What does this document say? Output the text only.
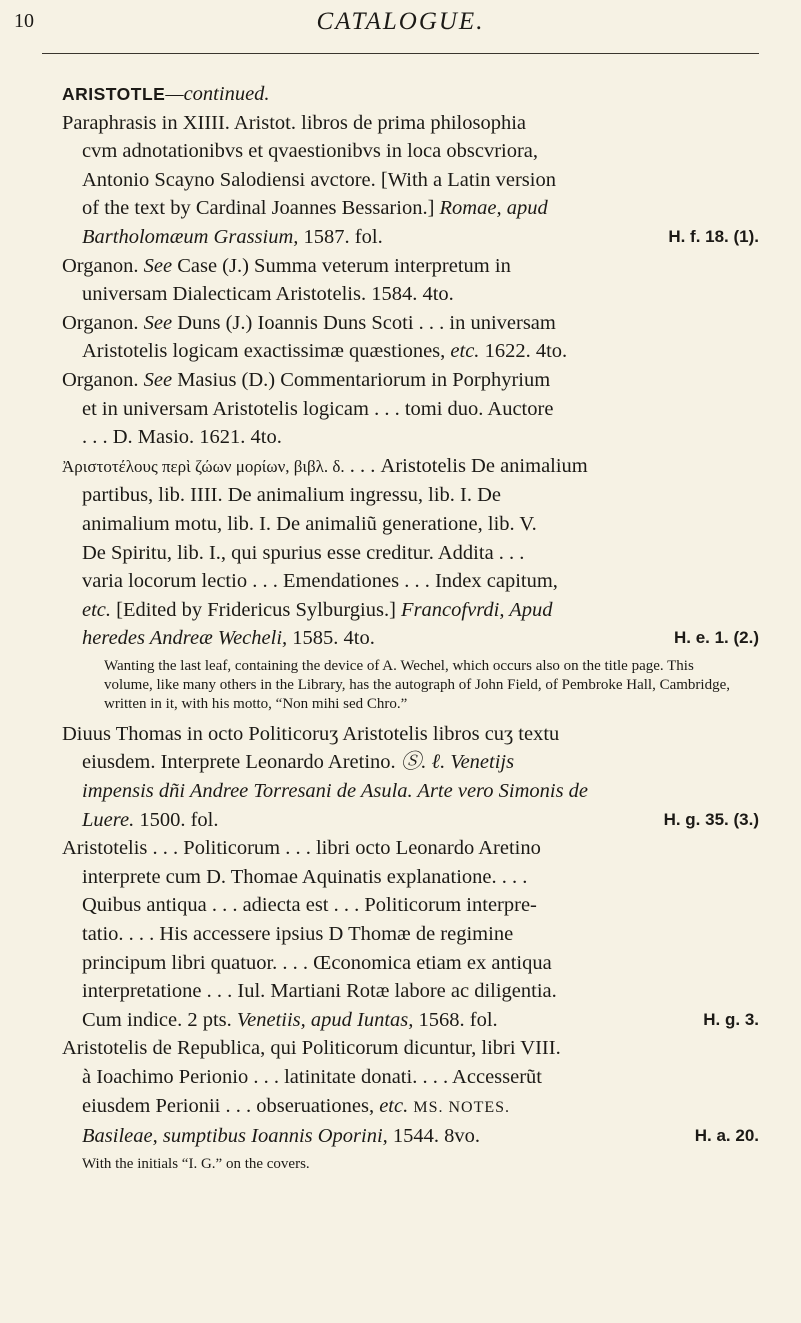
10	CATALOGUE.
ARISTOTLE—continued.
Paraphrasis in XIIII. Aristot. libros de prima philosophia
cvm adnotationibvs et qvaestionibvs in loca obscvriora,
Antonio Scayno Salodiensi avctore. [With a Latin version
of the text by Cardinal Joannes Bessarion.] Romae, apud
Bartholomæum Grassium, 1587. fol.	H. f. 18. (1).
Organon. See Case (J.) Summa veterum interpretum in
universam Dialecticam Aristotelis. 1584. 4to.
Organon. See Duns (J.) Ioannis Duns Scoti . . . in universam
Aristotelis logicam exactissimæ quæstiones, etc. 1622. 4to.
Organon. See Masius (D.) Commentariorum in Porphyrium
et in universam Aristotelis logicam . . . tomi duo. Auctore
. . . D. Masio. 1621. 4to.
Ἀριστοτέλους περὶ ζώων μορίων, βιβλ. δ. . . . Aristotelis De animalium
partibus, lib. IIII. De animalium ingressu, lib. I. De
animalium motu, lib. I. De animaliũ generatione, lib. V.
De Spiritu, lib. I., qui spurius esse creditur. Addita . . .
varia locorum lectio . . . Emendationes . . . Index capitum,
etc. [Edited by Fridericus Sylburgius.] Francofvrdi, Apud
heredes Andreæ Wecheli, 1585. 4to.	H. e. 1. (2.)
Wanting the last leaf, containing the device of A. Wechel, which occurs also on the title page. This volume, like many others in the Library, has the autograph of John Field, of Pembroke Hall, Cambridge, written in it, with his motto, “Non mihi sed Chro.”
Diuus Thomas in octo Politicoruʒ Aristotelis libros cuʒ textu
eiusdem. Interprete Leonardo Aretino. Ⓢ. ℓ. Venetijs
impensis dñi Andree Torresani de Asula. Arte vero Simonis de
Luere. 1500. fol.	H. g. 35. (3.)
Aristotelis . . . Politicorum . . . libri octo Leonardo Aretino
interprete cum D. Thomae Aquinatis explanatione. . . .
Quibus antiqua . . . adiecta est . . . Politicorum interpre-
tatio. . . . His accessere ipsius D Thomæ de regimine
principum libri quatuor. . . . Œconomica etiam ex antiqua
interpretatione . . . Iul. Martiani Rotæ labore ac diligentia.
Cum indice. 2 pts. Venetiis, apud Iuntas, 1568. fol.	H. g. 3.
Aristotelis de Republica, qui Politicorum dicuntur, libri VIII.
à Ioachimo Perionio . . . latinitate donati. . . . Accesserũt
eiusdem Perionii . . . obseruationes, etc. MS. NOTES.
Basileae, sumptibus Ioannis Oporini, 1544. 8vo.	H. a. 20.
With the initials “I. G.” on the covers.
